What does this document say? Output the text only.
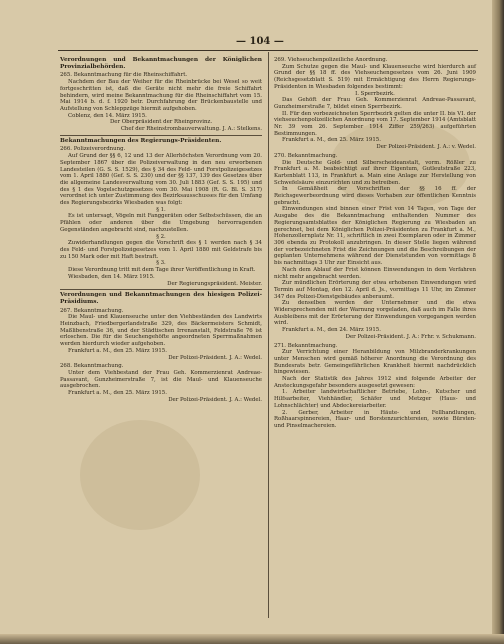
— 104 —

Verordnungen und Bekanntmachungen der Königlichen Provinzialbehörden.

265. Bekanntmachung für die Rheinschiffahrt.

Nachdem der Bau der Weiher für die Rheinbrücke bei Wesel so weit fortgeschritten ist, daß die Geräte nicht mehr die freie Schiffahrt behindern, wird meine Bekanntmachung für die Rheinschiffahrt vom 15. Mai 1914 b. d. f. 1920 betr. Durchfahrung der Brückenbaustelle und Aufstellung von Schleppzüge hiermit aufgehoben.

Coblenz, den 14. März 1915.

Der Oberpräsident der Rheinprovinz.

Chef der Rheinstrombauverwaltung. J. A.: Stelkens.

Bekanntmachungen des Regierungs-Präsidenten.

266. Polizeiverordnung.

Auf Grund der §§ 6, 12 und 13 der Allerhöchsten Verordnung vom 20. September 1867 über die Polizeiverwaltung in den neu erworbenen Landesteilen (G. S. S. 1529), des § 34 des Feld- und Forstpolizeigesetzes vom 1. April 1880 (Gef. S. S. 230) und der §§ 137, 139 des Gesetzes über die allgemeine Landesverwaltung vom 30. Juli 1883 (Gef. S. S. 195) und des § 1 des Vogelschutzgesetzes vom 30. Mai 1908 (R. G. Bl. S. 317) verordnet ich unter Zustimmung des Bezirksausschusses für den Umfang des Regierungsbezirks Wiesbaden was folgt:

§ 1.

Es ist untersagt, Vögeln mit Fanggeräten oder Selbstschüssen, die an Pfählen oder anderen über die Umgebung hervorragenden Gegenständen angebracht sind, nachzustellen.

§ 2.

Zuwiderhandlungen gegen die Vorschrift des § 1 werden nach § 34 des Feld- und Forstpolizeigesetzes vom 1. April 1880 mit Geldstrafe bis zu 150 Mark oder mit Haft bestraft.

§ 3.

Diese Verordnung tritt mit dem Tage ihrer Veröffentlichung in Kraft.

Wiesbaden, den 14. März 1915.

Der Regierungspräsident. Meister.

Verordnungen und Bekanntmachungen des hiesigen Polizei-Präsidiums.

267. Bekanntmachung.

Die Maul- und Klauenseuche unter den Viehbeständen des Landwirts Heinzbach, Friedbergerlandstraße 329, des Bäckermeisters Schmidt, Maßlibenstraße 36, und der Städtischen Irrenanstalt, Feldstraße 76 ist erloschen. Die für die Seuchengehöfte angeordneten Sperrmaßnahmen werden hierdurch wieder aufgehoben.

Frankfurt a. M., den 25. März 1915.

Der Polizei-Präsident. J. A.: Wedel.

268. Bekanntmachung.

Unter dem Viehbestand der Frau Geh. Kommerzienrat Andreae-Passavant, Gunzheimerstraße 7, ist die Maul- und Klauenseuche ausgebrochen.

Frankfurt a. M., den 25. März 1915.

Der Polizei-Präsident. J. A.: Wedel.

269. Viehseuchenpolizeiliche Anordnung.

Zum Schutze gegen die Maul- und Klauenseuche wird hierdurch auf Grund der §§ 18 ff. des Viehseuchengesetzes vom 26. Juni 1909 (Reichsgesetzblatt S. 519) mit Ermächtigung des Herrn Regierungs-Präsidenten in Wiesbaden folgendes bestimmt:

I. Sperrbezirk.

Das Gehöft der Frau Geh. Kommerzienrat Andreae-Passavant, Gunzheimerstraße 7, bildet einen Sperrbezirk.

II. Für den vorbezeichneten Sperrbezirk gelten die unter II. bis VI. der viehseuchenpolizeilichen Anordnung vom 17. September 1914 (Amtsblatt Nr. 39 vom 26. September 1914 Ziffer 259/263) aufgeführten Bestimmungen.

Frankfurt a. M., den 25. März 1915.

Der Polizei-Präsident. J. A.: v. Wedel.

270. Bekanntmachung.

Die Deutsche Gold- und Silberscheideanstalt, vorm. Rößler zu Frankfurt a. M. beabsichtigt auf ihrer Eigentum, Gutleutstraße 223, Kartenblatt 113, in Frankfurt a. Main eine Anlage zur Herstellung von Schwefelsäure einzurichten und zu betreiben.

In Gemäßheit der Vorschriften der §§ 16 ff. der Reichsgewerbeordnung wird dieses Vorhaben zur öffentlichen Kenntnis gebracht.

Einwendungen sind binnen einer Frist von 14 Tagen, von Tage der Ausgabe des die Bekanntmachung enthaltenden Nummer des Regierungsamtsblattes der Königlichen Regierung zu Wiesbaden an gerechnet, bei dem Königlichen Polizei-Präsidenten zu Frankfurt a. M., Hohenzollernplatz Nr. 11, schriftlich in zwei Exemplaren oder in Zimmer 306 ebenda zu Protokoll anzubringen. In dieser Stelle liegen während der vorbezeichneten Frist die Zeichnungen und die Beschreibungen der geplanten Unternehmens während der Dienststunden von vormittags 8 bis nachmittags 3 Uhr zur Einsicht aus.

Nach dem Ablauf der Frist können Einwendungen in dem Verfahren nicht mehr angebracht werden.

Zur mündlichen Erörterung der etwa erhobenen Einwendungen wird Termin auf Montag, den 12. April d. Js., vormittags 11 Uhr, im Zimmer 347 des Polizei-Dienstgebäudes anberaumt.

Zu denselben werden der Unternehmer und die etwa Widersprechenden mit der Warnung vorgeladen, daß auch im Falle ihres Ausbleibens mit der Erörterung der Einwendungen vorgegangen werden wird.

Frankfurt a. M., den 24. März 1915.

Der Polizei-Präsident. J. A.: Frhr. v. Schukmann.

271. Bekanntmachung.

Zur Verrichtung einer Heranbildung von Milzbranderkrankungen unter Menschen wird gemäß höherer Anordnung die Verordnung des Bundesrats betr. Gemeingefährlichen Krankheit hiermit nachdrücklich hingewiesen.

Nach der Statistik des Jahres 1912 sind folgende Arbeiter der Ansteckungsgefahr besonders ausgesetzt gewesen:

1. Arbeiter landwirtschaftlicher Betriebe, Lohn-, Kutscher und Hilfsarbeiter, Viehhändler, Schäfer und Metzger (Haus- und Lohnschlächter) und Abdeckereiarbeiter.

2. Gerber, Arbeiter in Häute- und Fellhandlungen, Roßhaarspinnereien, Haar- und Borstenzurichtereien, sowie Bürsten- und Pinselmachereien.
